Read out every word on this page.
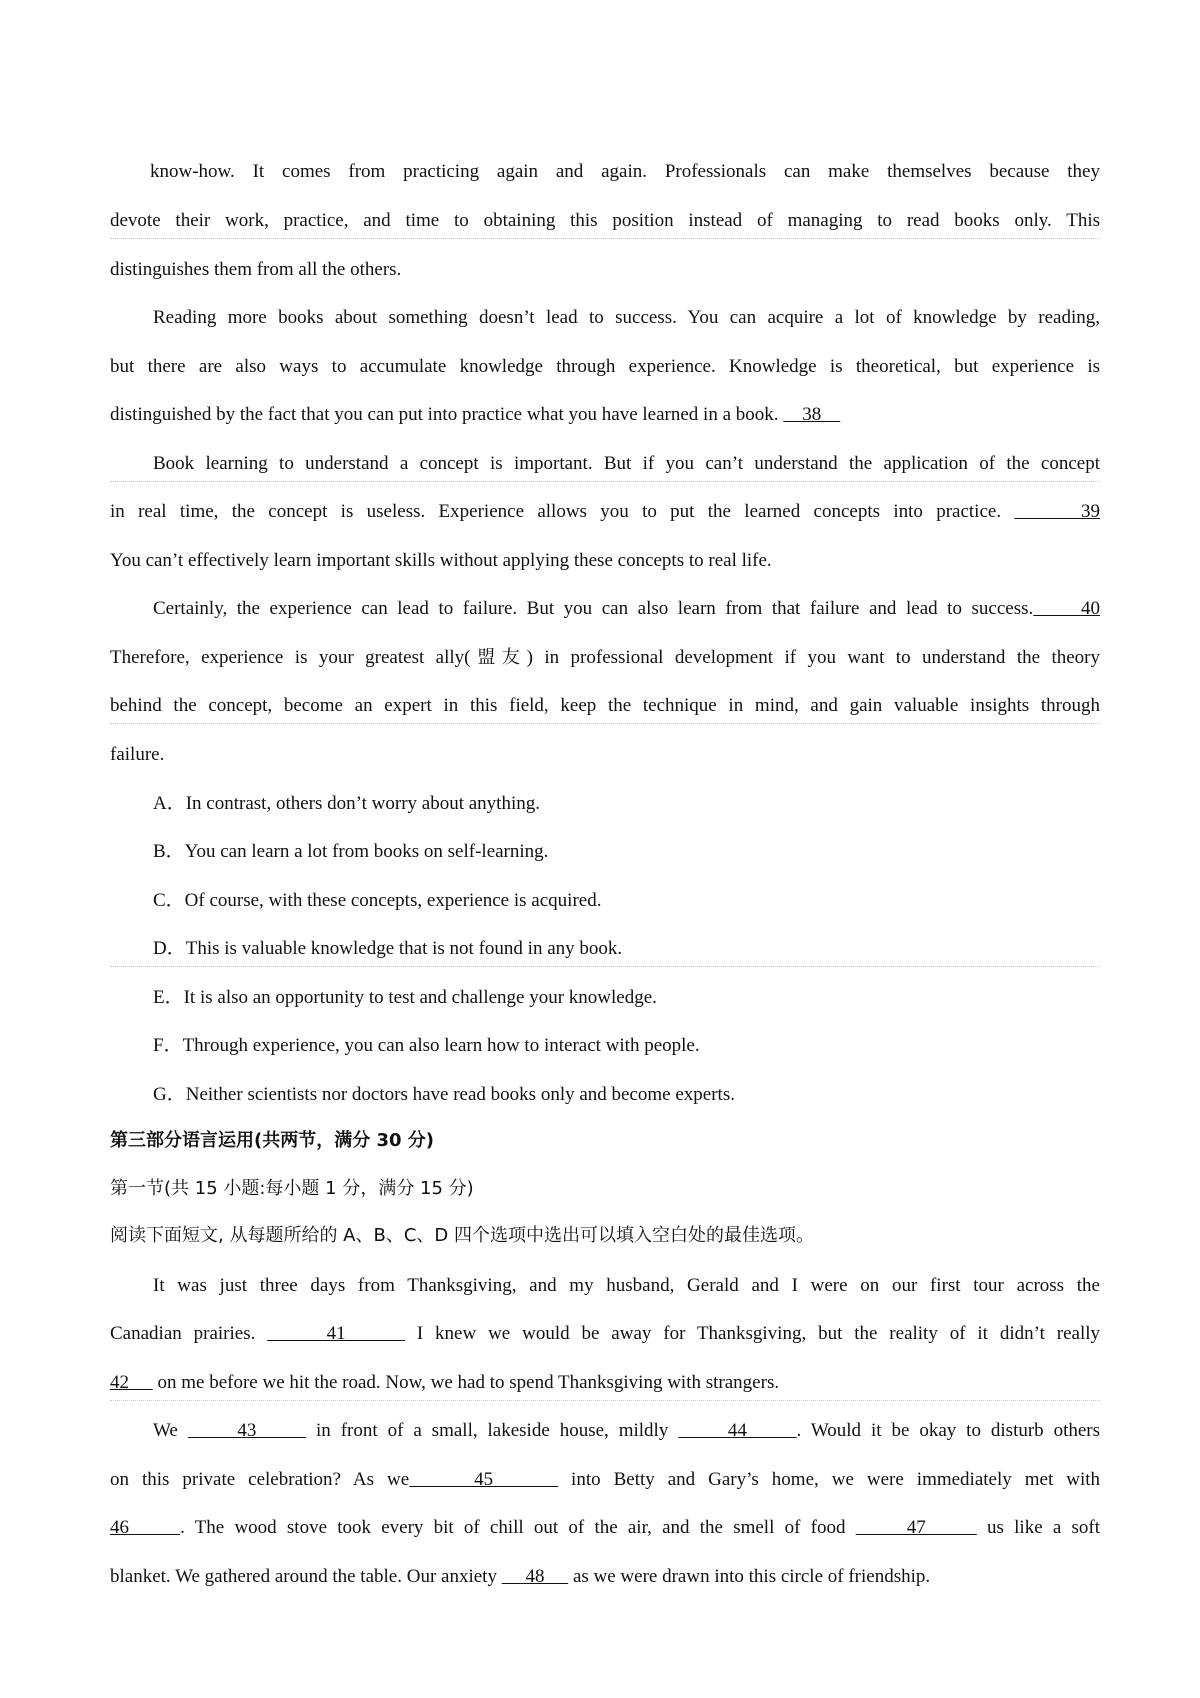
know-how. It comes from practicing again and again. Professionals can make themselves because they
devote their work, practice, and time to obtaining this position instead of managing to read books only. This
distinguishes them from all the others.
Reading more books about something doesn’t lead to success. You can acquire a lot of knowledge by reading,
but there are also ways to accumulate knowledge through experience. Knowledge is theoretical, but experience is
distinguished by the fact that you can put into practice what you have learned in a book.     38
Book learning to understand a concept is important. But if you can’t understand the application of the concept
in real time, the concept is useless. Experience allows you to put the learned concepts into practice.      39
You can’t effectively learn important skills without applying these concepts to real life.
Certainly, the experience can lead to failure. But you can also learn from that failure and lead to success.     40
Therefore, experience is your greatest ally(盟友) in professional development if you want to understand the theory
behind the concept, become an expert in this field, keep the technique in mind, and gain valuable insights through
failure.
A．In contrast, others don’t worry about anything.
B．You can learn a lot from books on self-learning.
C．Of course, with these concepts, experience is acquired.
D．This is valuable knowledge that is not found in any book.
E．It is also an opportunity to test and challenge your knowledge.
F．Through experience, you can also learn how to interact with people.
G．Neither scientists nor doctors have read books only and become experts.
第三部分语言运用(共两节，满分 30 分)
第一节(共 15 小题:每小题 1 分，满分 15 分)
阅读下面短文, 从每题所给的 A、B、C、D 四个选项中选出可以填入空白处的最佳选项。
It was just three days from Thanksgiving, and my husband, Gerald and I were on our first tour across the
Canadian prairies.      41      I knew we would be away for Thanksgiving, but the reality of it didn’t really
42      on me before we hit the road. Now, we had to spend Thanksgiving with strangers.
We      43      in front of a small, lakeside house, mildly      44     . Would it be okay to disturb others
on this private celebration? As we     45      into Betty and Gary’s home, we were immediately met with
46     . The wood stove took every bit of chill out of the air, and the smell of food      47      us like a soft
blanket. We gathered around the table. Our anxiety      48      as we were drawn into this circle of friendship.
